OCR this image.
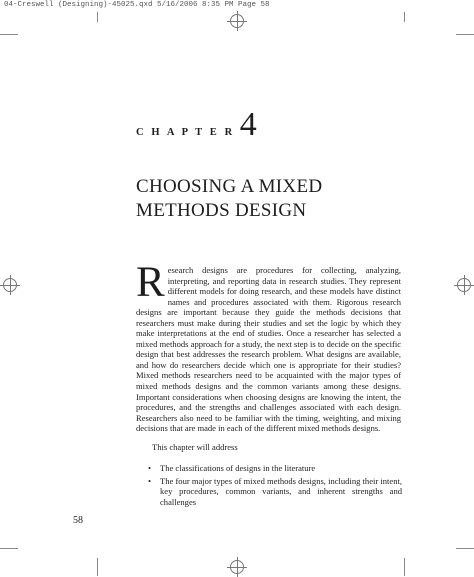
04-Creswell (Designing)-45025.qxd 5/16/2006 8:35 PM Page 58
C H A P T E R 4
CHOOSING A MIXED
METHODS DESIGN
Research designs are procedures for collecting, analyzing, interpreting, and reporting data in research studies. They represent different models for doing research, and these models have distinct names and procedures associated with them. Rigorous research designs are important because they guide the methods decisions that researchers must make during their studies and set the logic by which they make interpretations at the end of studies. Once a researcher has selected a mixed methods approach for a study, the next step is to decide on the specific design that best addresses the research problem. What designs are available, and how do researchers decide which one is appropriate for their studies? Mixed methods researchers need to be acquainted with the major types of mixed methods designs and the common variants among these designs. Important considerations when choosing designs are knowing the intent, the procedures, and the strengths and challenges associated with each design. Researchers also need to be familiar with the timing, weighting, and mixing decisions that are made in each of the different mixed methods designs.
This chapter will address
• The classifications of designs in the literature
• The four major types of mixed methods designs, including their intent, key procedures, common variants, and inherent strengths and challenges
58
